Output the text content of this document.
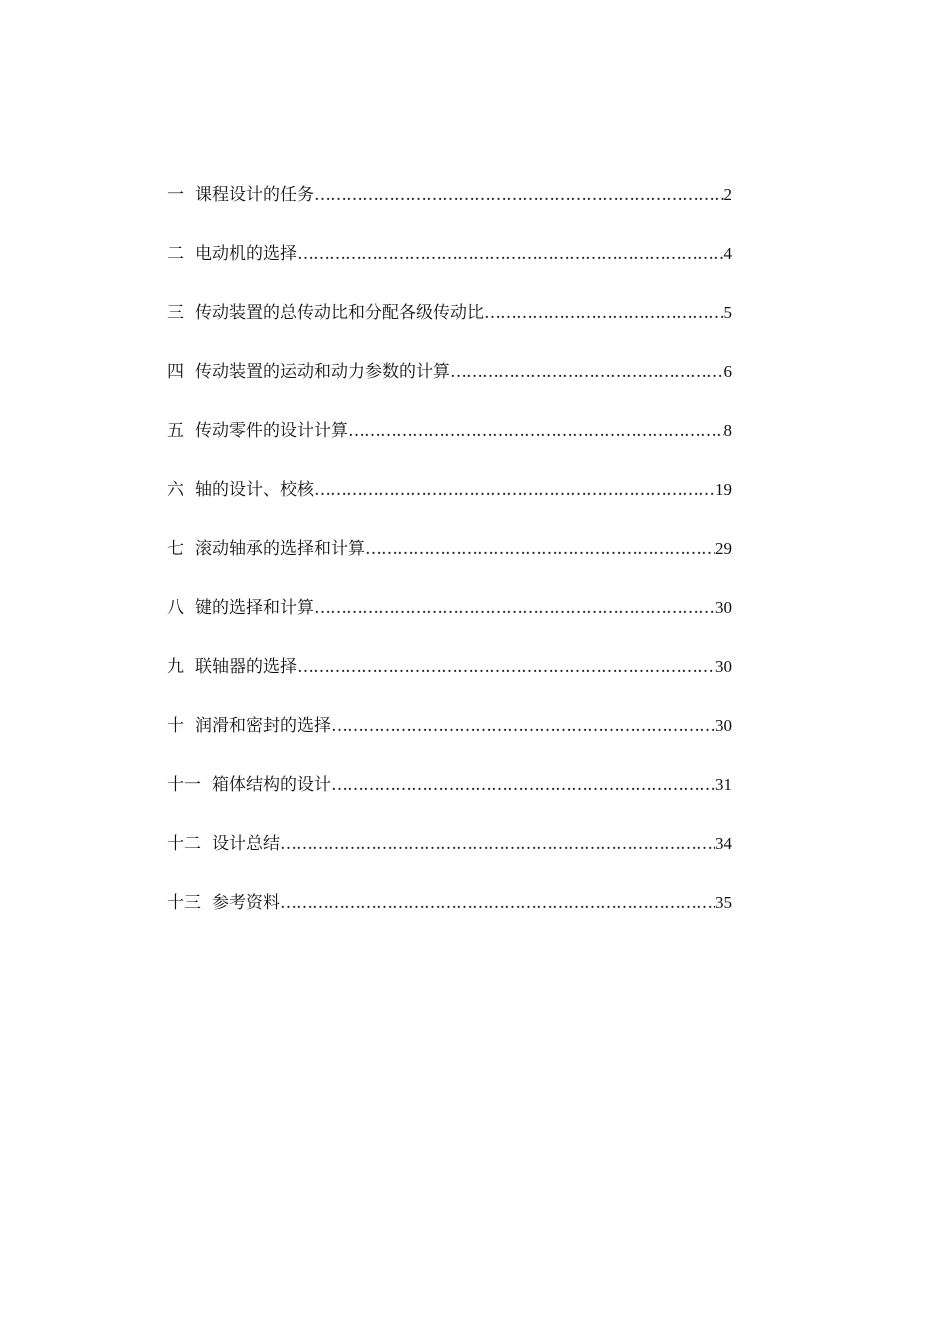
一 课程设计的任务 ……………………………………………………………………………………………………………………………………………………………………………………………	2
二 电动机的选择 ……………………………………………………………………………………………………………………………………………………………………………………………	4
三 传动装置的总传动比和分配各级传动比 ……………………………………………………………………………………………………………………………………………………………………………………………	5
四 传动装置的运动和动力参数的计算 ……………………………………………………………………………………………………………………………………………………………………………………………	6
五 传动零件的设计计算 ……………………………………………………………………………………………………………………………………………………………………………………………	8
六 轴的设计、校核 ……………………………………………………………………………………………………………………………………………………………………………………………	19
七 滚动轴承的选择和计算 ……………………………………………………………………………………………………………………………………………………………………………………………	29
八 键的选择和计算 ……………………………………………………………………………………………………………………………………………………………………………………………	30
九 联轴器的选择 ……………………………………………………………………………………………………………………………………………………………………………………………	30
十 润滑和密封的选择 ……………………………………………………………………………………………………………………………………………………………………………………………	30
十一 箱体结构的设计 ……………………………………………………………………………………………………………………………………………………………………………………………	31
十二 设计总结 ……………………………………………………………………………………………………………………………………………………………………………………………	34
十三 参考资料 ……………………………………………………………………………………………………………………………………………………………………………………………	35
